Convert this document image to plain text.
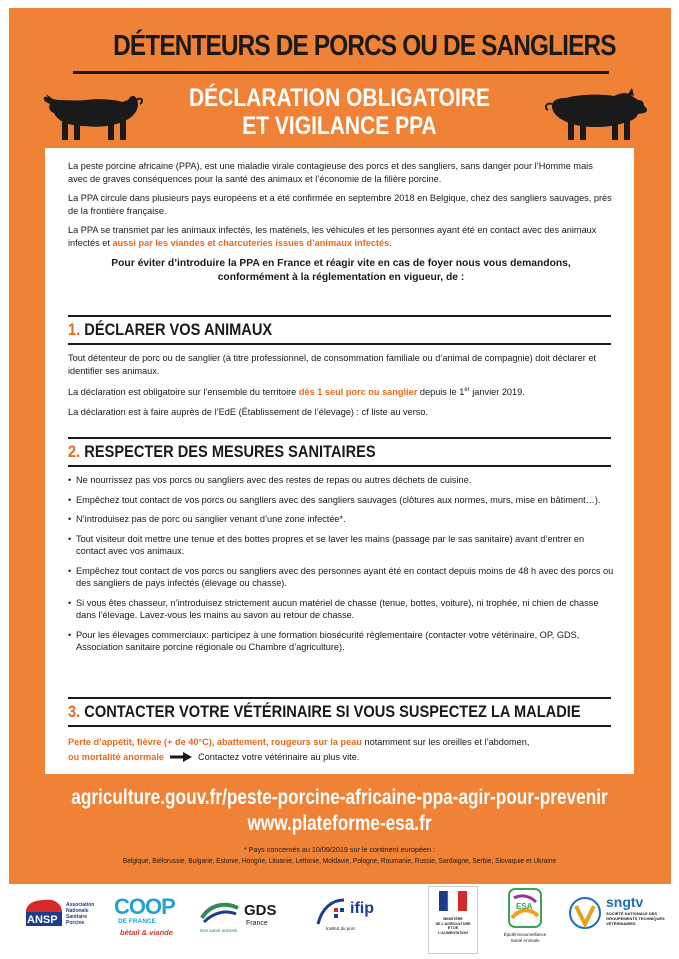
DÉTENTEURS DE PORCS OU DE SANGLIERS
DÉCLARATION OBLIGATOIRE
ET VIGILANCE PPA

La peste porcine africaine (PPA), est une maladie virale contagieuse des porcs et des sangliers, sans danger pour l’Homme mais avec de graves conséquences pour la santé des animaux et l’économie de la filière porcine.

La PPA circule dans plusieurs pays européens et a été confirmée en septembre 2018 en Belgique, chez des sangliers sauvages, près de la frontière française.

La PPA se transmet par les animaux infectés, les matériels, les véhicules et les personnes ayant été en contact avec des animaux infectés et aussi par les viandes et charcuteries issues d’animaux infectés.

Pour éviter d’introduire la PPA en France et réagir vite en cas de foyer nous vous demandons,
conformément à la réglementation en vigueur, de :
1. DÉCLARER VOS ANIMAUX

Tout détenteur de porc ou de sanglier (à titre professionnel, de consommation familiale ou d’animal de compagnie) doit déclarer et identifier ses animaux.

La déclaration est obligatoire sur l’ensemble du territoire dès 1 seul porc ou sanglier depuis le 1er janvier 2019.

La déclaration est à faire auprès de l’EdE (Établissement de l’élevage) : cf liste au verso.

2. RESPECTER DES MESURES SANITAIRES
• Ne nourrissez pas vos porcs ou sangliers avec des restes de repas ou autres déchets de cuisine.
• Empêchez tout contact de vos porcs ou sangliers avec des sangliers sauvages (clôtures aux normes, murs, mise en bâtiment…).
• N’introduisez pas de porc ou sanglier venant d’une zone infectée*.
• Tout visiteur doit mettre une tenue et des bottes propres et se laver les mains (passage par le sas sanitaire) avant d’entrer en contact avec vos animaux.
• Empêchez tout contact de vos porcs ou sangliers avec des personnes ayant été en contact depuis moins de 48 h avec des porcs ou des sangliers de pays infectés (élevage ou chasse).
• Si vous êtes chasseur, n’introduisez strictement aucun matériel de chasse (tenue, bottes, voiture), ni trophée, ni chien de chasse dans l’élevage. Lavez-vous les mains au savon au retour de chasse.
• Pour les élevages commerciaux: participez à une formation biosécurité règlementaire (contacter votre vétérinaire, OP, GDS, Association sanitaire porcine régionale ou Chambre d’agriculture).
3. CONTACTER VOTRE VÉTÉRINAIRE SI VOUS SUSPECTEZ LA MALADIE
Perte d’appétit, fièvre (+ de 40°C), abattement, rougeurs sur la peau notamment sur les oreilles et l’abdomen,
ou mortalité anormale	Contactez votre vétérinaire au plus vite.
agriculture.gouv.fr/peste-porcine-africaine-ppa-agir-pour-prevenir
www.plateforme-esa.fr
* Pays concernés au 10/09/2019 sur le continent européen :
Belgique, Biélorussie, Bulgarie, Estonie, Hongrie, Lituanie, Lettonie, Moldavie, Pologne, Roumanie, Russie, Sardaigne, Serbie, Slovaquie et Ukraine
ANSP
Association
Nationale
Sanitaire
Porcine
COOP
DE FRANCE
bétail & viande
GDS
France
Des santé animale
ifip
Institut du porc
MINISTÈRE
DE L’AGRICULTURE
ET DE
L’ALIMENTATION
ESA
Épidémiosurveillance
Santé Animale
sngtv
SOCIÉTÉ NATIONALE DES
GROUPEMENTS TECHNIQUES
VÉTÉRINAIRES
